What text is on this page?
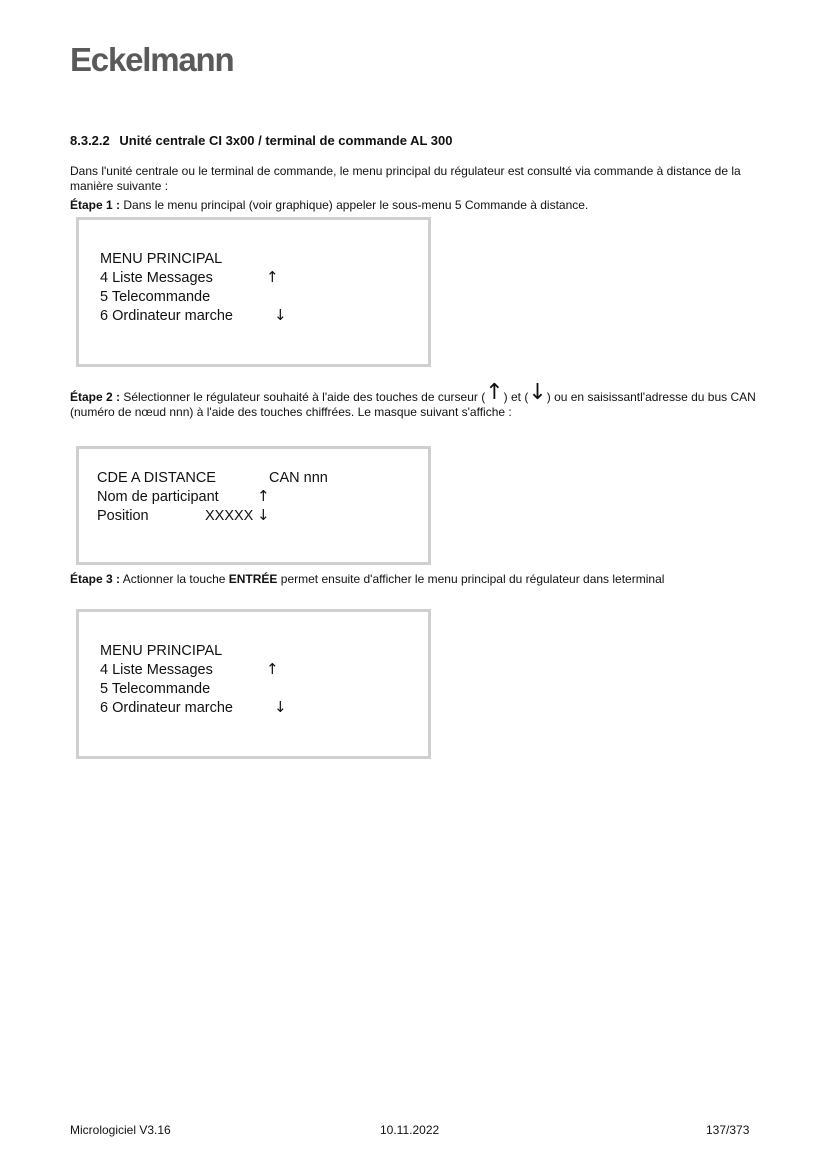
Eckelmann
8.3.2.2 Unité centrale CI 3x00 / terminal de commande AL 300
Dans l'unité centrale ou le terminal de commande, le menu principal du régulateur est consulté via commande à distance de la manière suivante :
Étape 1 : Dans le menu principal (voir graphique) appeler le sous-menu 5 Commande à distance.
MENU PRINCIPAL
4 Liste Messages	↑
5 Telecommande
6 Ordinateur marche	↓
Étape 2 : Sélectionner le régulateur souhaité à l'aide des touches de curseur (↑) et (↓) ou en saisissantl'adresse du bus CAN (numéro de nœud nnn) à l'aide des touches chiffrées. Le masque suivant s'affiche :
CDE A DISTANCE	CAN nnn
Nom de participant	↑
Position	XXXXX ↓
Étape 3 : Actionner la touche ENTRÉE permet ensuite d'afficher le menu principal du régulateur dans leterminal
MENU PRINCIPAL
4 Liste Messages	↑
5 Telecommande
6 Ordinateur marche	↓
Micrologiciel V3.16	10.11.2022	137/373
